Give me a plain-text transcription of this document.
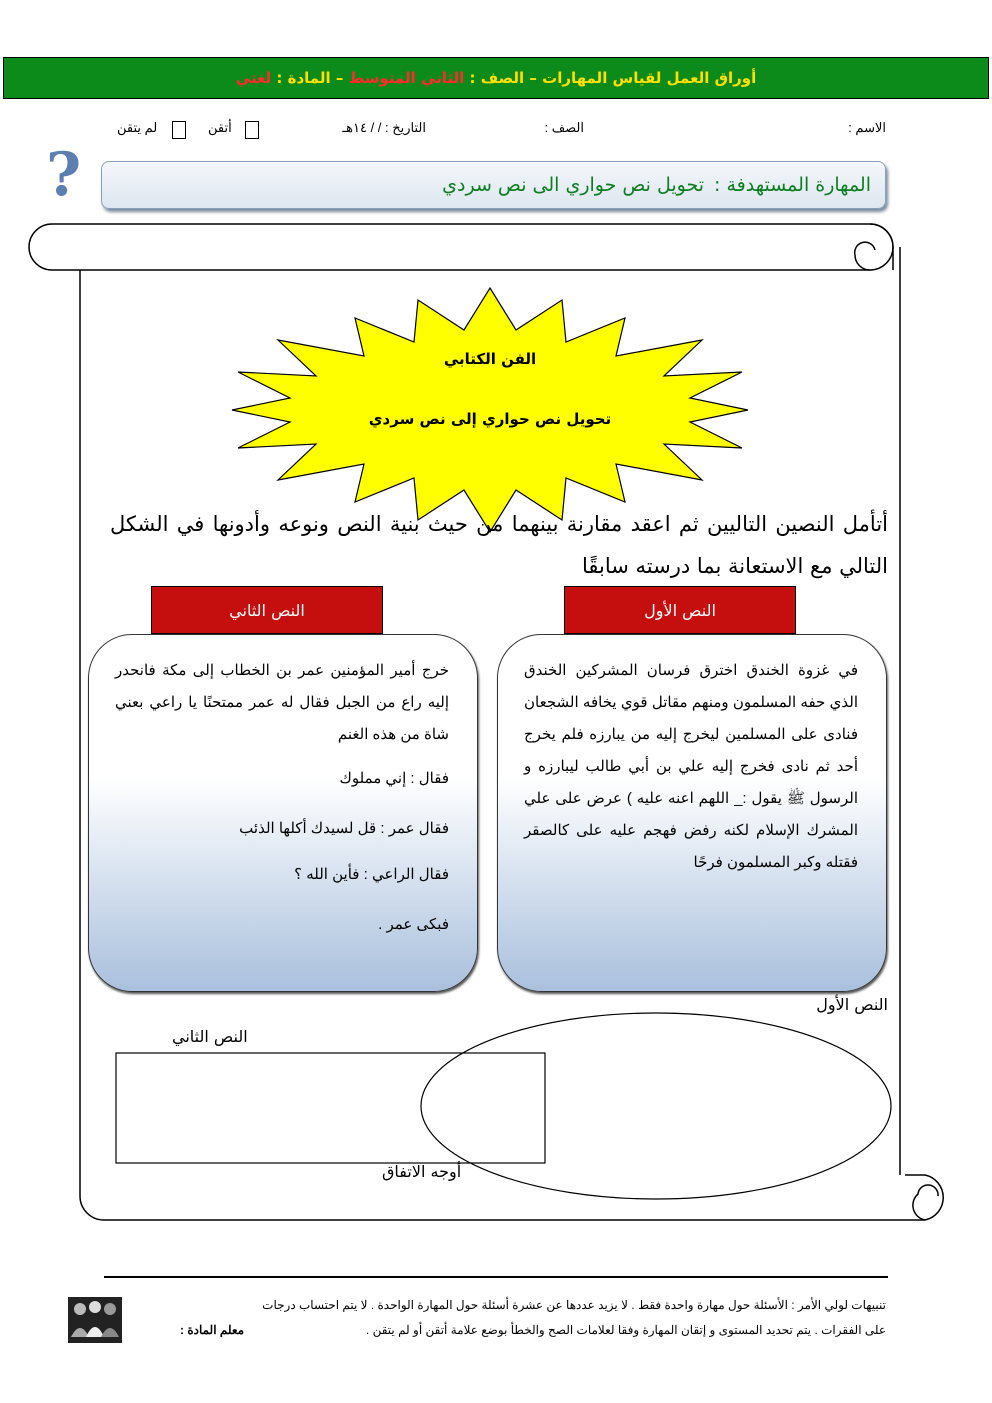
أوراق العمل لقياس المهارات – الصف : الثاني المتوسط – المادة : لغتي
الاسم :
الصف :
التاريخ : / / ١٤هـ
أتقن
لم يتقن
?	المهارة المستهدفة :
تحويل نص حواري الى نص سردي
الفن الكتابي
تحويل نص حواري إلى نص سردي
أتأمل النصين التاليين ثم اعقد مقارنة بينهما من حيث بنية النص ونوعه وأدونها في الشكل التالي مع الاستعانة بما درسته سابقًا
النص الأول
النص الثاني
في غزوة الخندق اخترق فرسان المشركين الخندق الذي حفه المسلمون ومنهم مقاتل قوي يخافه الشجعان فنادى على المسلمين ليخرج إليه من يبارزه فلم يخرج أحد ثم نادى فخرج إليه علي بن أبي طالب ليبارزه و الرسول ﷺ يقول :_ اللهم اعنه عليه ) عرض على علي المشرك الإسلام لكنه رفض فهجم عليه على كالصقر فقتله وكبر المسلمون فرحًا
خرج أمير المؤمنين عمر بن الخطاب إلى مكة فانحدر إليه راع من الجبل فقال له عمر ممتحنًا يا راعي بعني شاة من هذه الغنم
فقال : إني مملوك
فقال عمر : قل لسيدك أكلها الذئب
فقال الراعي : فأين الله ؟
فبكى عمر .
النص الأول
النص الثاني
أوجه الاتفاق
تنبيهات لولي الأمر : الأسئلة حول مهارة واحدة فقط . لا يزيد عددها عن عشرة أسئلة حول المهارة الواحدة . لا يتم احتساب درجات
على الفقرات . يتم تحديد المستوى و إتقان المهارة وفقا لعلامات الصح والخطأ بوضع علامة أتقن أو لم يتقن .
معلم المادة :
